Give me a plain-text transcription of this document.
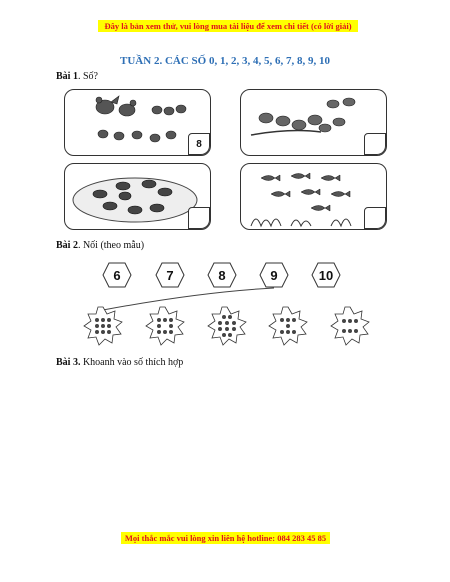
Đây là bản xem thử, vui lòng mua tài liệu để xem chi tiết (có lời giải)
TUẦN 2. CÁC SỐ 0, 1, 2, 3, 4, 5, 6, 7, 8, 9, 10
Bài 1. Số?
8
Bài 2. Nối (theo mẫu)
6	7	8	9	10
Bài 3. Khoanh vào số thích hợp
Mọi thắc mắc vui lòng xin liên hệ hotline: 084 283 45 85
